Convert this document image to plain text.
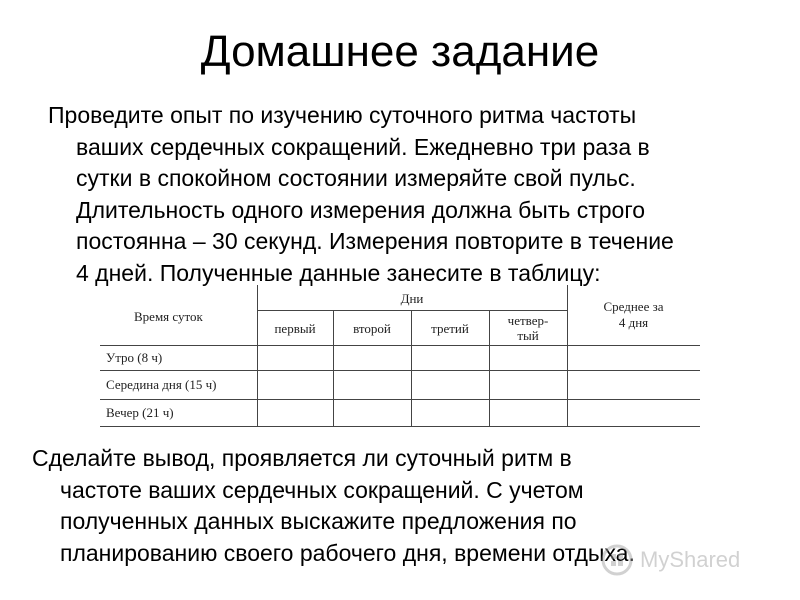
Домашнее задание
Проведите опыт по изучению суточного ритма частоты
ваших сердечных сокращений. Ежедневно три раза в
сутки в спокойном состоянии измеряйте свой пульс.
Длительность одного измерения должна быть строго
постоянна – 30 секунд. Измерения повторите в течение
4 дней. Полученные данные занесите в таблицу:
Время суток
Дни
первый	второй	третий
четвер-
тый
Среднее за
4 дня
Утро (8 ч)
Середина дня (15 ч)
Вечер (21 ч)
Сделайте вывод, проявляется ли суточный ритм в
частоте ваших сердечных сокращений. С учетом
полученных данных выскажите предложения по
планированию своего рабочего дня, времени отдыха. MyShared
